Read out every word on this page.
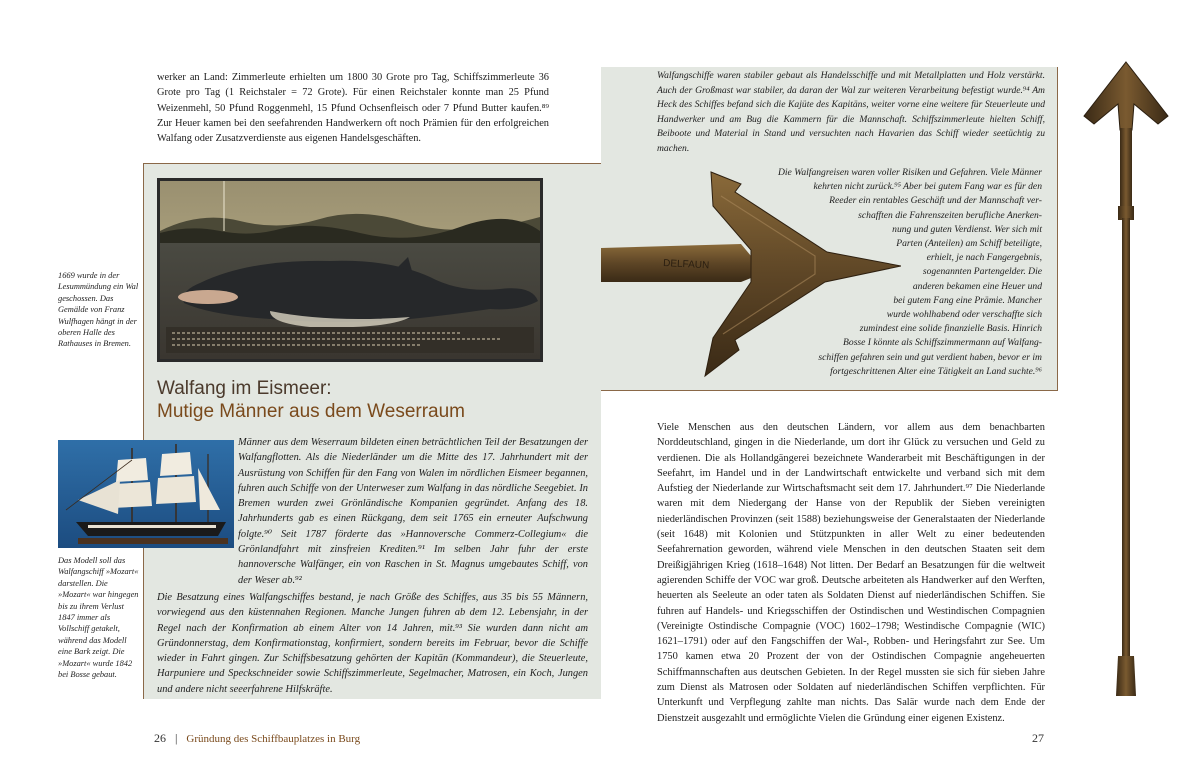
werker an Land: Zimmerleute erhielten um 1800 30 Grote pro Tag, Schiffszimmerleute 36 Grote pro Tag (1 Reichstaler = 72 Grote). Für einen Reichstaler konnte man 25 Pfund Weizenmehl, 50 Pfund Roggenmehl, 15 Pfund Ochsenfleisch oder 7 Pfund Butter kaufen.⁸⁹ Zur Heuer kamen bei den seefahrenden Handwerkern oft noch Prämien für den erfolgreichen Walfang oder Zusatzverdienste aus eigenen Handelsgeschäften.
1669 wurde in der Lesummündung ein Wal geschossen. Das Gemälde von Franz Wulfhagen hängt in der oberen Halle des Rathauses in Bremen.
Walfang im Eismeer:
Mutige Männer aus dem Weserraum
Das Modell soll das Walfangschiff »Mozart« darstellen. Die »Mozart« war hingegen bis zu ihrem Verlust 1847 immer als Vollschiff getakelt, während das Modell eine Bark zeigt. Die »Mozart« wurde 1842 bei Bosse gebaut.
Männer aus dem Weserraum bildeten einen beträchtlichen Teil der Besatzungen der Walfangflotten. Als die Niederländer um die Mitte des 17. Jahrhundert mit der Ausrüstung von Schiffen für den Fang von Walen im nördlichen Eismeer begannen, fuhren auch Schiffe von der Unterweser zum Walfang in das nördliche Seegebiet. In Bremen wurden zwei Grönländische Kompanien gegründet. Anfang des 18. Jahrhunderts gab es einen Rückgang, dem seit 1765 ein erneuter Aufschwung folgte.⁹⁰ Seit 1787 förderte das »Hannoversche Commerz-Collegium« die Grönlandfahrt mit zinsfreien Krediten.⁹¹ Im selben Jahr fuhr der erste hannoversche Walfänger, ein von Raschen in St. Magnus umgebautes Schiff, von der Weser ab.⁹²
Die Besatzung eines Walfangschiffes bestand, je nach Größe des Schiffes, aus 35 bis 55 Männern, vorwiegend aus den küstennahen Regionen. Manche Jungen fuhren ab dem 12. Lebensjahr, in der Regel nach der Konfirmation ab einem Alter von 14 Jahren, mit.⁹³ Sie wurden dann nicht am Gründonnerstag, dem Konfirmationstag, konfirmiert, sondern bereits im Februar, bevor die Schiffe wieder in Fahrt gingen. Zur Schiffsbesatzung gehörten der Kapitän (Kommandeur), die Steuerleute, Harpuniere und Speckschneider sowie Schiffszimmerleute, Segelmacher, Matrosen, ein Koch, Jungen und andere nicht seeerfahrene Hilfskräfte.
26 | Gründung des Schiffbauplatzes in Burg
Walfangschiffe waren stabiler gebaut als Handelsschiffe und mit Metallplatten und Holz verstärkt. Auch der Großmast war stabiler, da daran der Wal zur weiteren Verarbeitung befestigt wurde.⁹⁴ Am Heck des Schiffes befand sich die Kajüte des Kapitäns, weiter vorne eine weitere für Steuerleute und Handwerker und am Bug die Kammern für die Mannschaft. Schiffszimmerleute hielten Schiff, Beiboote und Material in Stand und versuchten nach Havarien das Schiff wieder seetüchtig zu machen.
DELFAUN
Die Walfangreisen waren voller Risiken und Gefahren. Viele Männer
kehrten nicht zurück.⁹⁵ Aber bei gutem Fang war es für den
Reeder ein rentables Geschäft und der Mannschaft ver-
schafften die Fahrenszeiten berufliche Anerken-
nung und guten Verdienst. Wer sich mit
Parten (Anteilen) am Schiff beteiligte,
erhielt, je nach Fangergebnis,
sogenannten Partengelder. Die
anderen bekamen eine Heuer und
bei gutem Fang eine Prämie. Mancher
wurde wohlhabend oder verschaffte sich
zumindest eine solide finanzielle Basis. Hinrich
Bosse I könnte als Schiffszimmermann auf Walfang-
schiffen gefahren sein und gut verdient haben, bevor er im
fortgeschrittenen Alter eine Tätigkeit an Land suchte.⁹⁶
Viele Menschen aus den deutschen Ländern, vor allem aus dem benachbarten Norddeutschland, gingen in die Niederlande, um dort ihr Glück zu versuchen und Geld zu verdienen. Die als Hollandgängerei bezeichnete Wanderarbeit mit Beschäftigungen in der Seefahrt, im Handel und in der Landwirtschaft entwickelte und verband sich mit dem Aufstieg der Niederlande zur Wirtschaftsmacht seit dem 17. Jahrhundert.⁹⁷ Die Niederlande waren mit dem Niedergang der Hanse von der Republik der Sieben vereinigten niederländischen Provinzen (seit 1588) beziehungsweise der Generalstaaten der Niederlande (seit 1648) mit Kolonien und Stützpunkten in aller Welt zu einer bedeutenden Seefahrernation geworden, während viele Menschen in den deutschen Staaten seit dem Dreißigjährigen Krieg (1618–1648) Not litten. Der Bedarf an Besatzungen für die weltweit agierenden Schiffe der VOC war groß. Deutsche arbeiteten als Handwerker auf den Werften, heuerten als Seeleute an oder taten als Soldaten Dienst auf niederländischen Schiffen. Sie fuhren auf Handels- und Kriegsschiffen der Ostindischen und Westindischen Compagnien (Vereinigte Ostindische Compagnie (VOC) 1602–1798; Westindische Compagnie (WIC) 1621–1791) oder auf den Fangschiffen der Wal-, Robben- und Heringsfahrt zur See. Um 1750 kamen etwa 20 Prozent der von der Ostindischen Compagnie angeheuerten Schiffmannschaften aus deutschen Gebieten. In der Regel mussten sie sich für sieben Jahre zum Dienst als Matrosen oder Soldaten auf niederländischen Schiffen verpflichten. Für Unterkunft und Verpflegung zahlte man nichts. Das Salär wurde nach dem Ende der Dienstzeit ausgezahlt und ermöglichte Vielen die Gründung einer eigenen Existenz.
27
